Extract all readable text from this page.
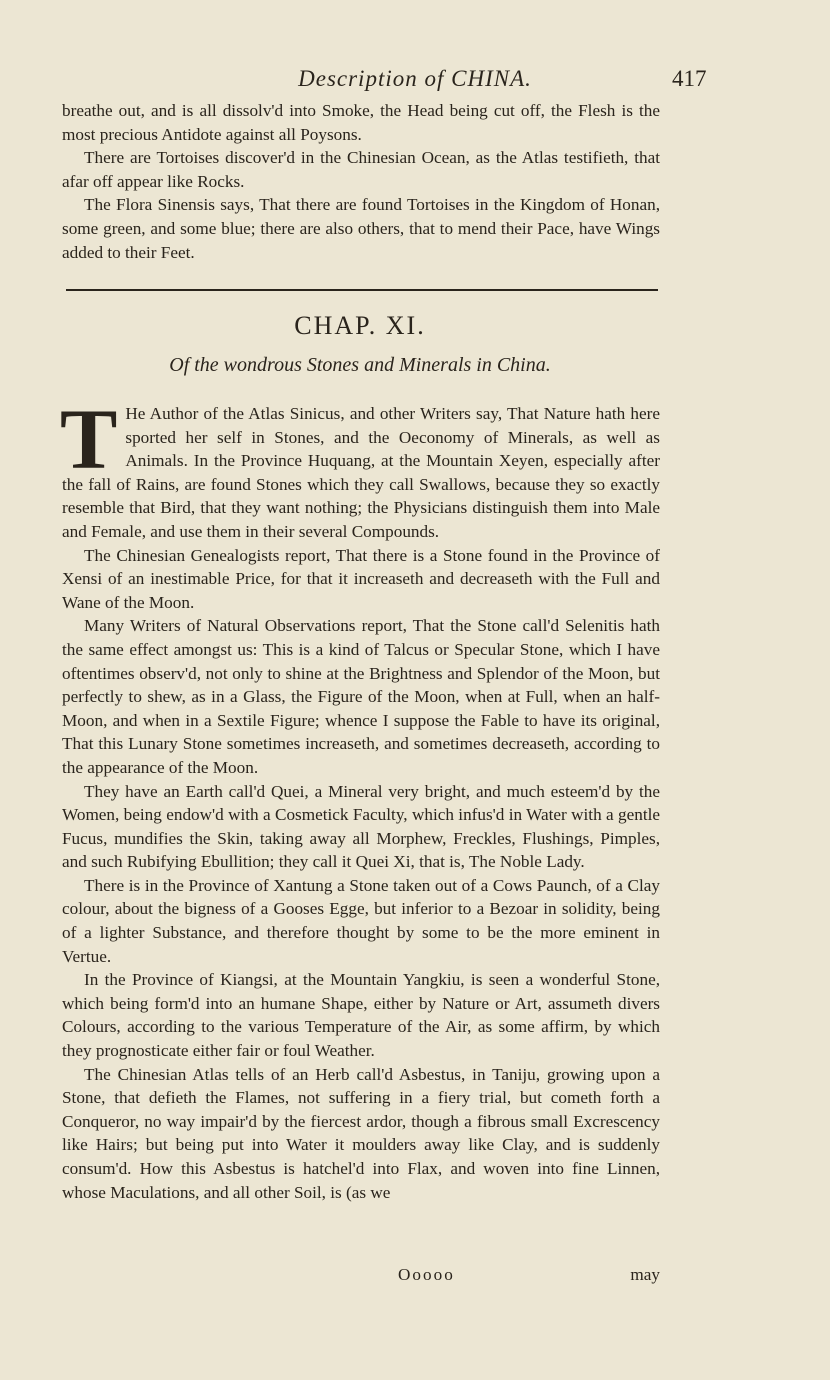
Description of CHINA.	417

breathe out, and is all dissolv'd into Smoke, the Head being cut off, the Flesh is the most precious Antidote against all Poysons.

There are Tortoises discover'd in the Chinesian Ocean, as the Atlas testifieth, that afar off appear like Rocks.

The Flora Sinensis says, That there are found Tortoises in the Kingdom of Honan, some green, and some blue; there are also others, that to mend their Pace, have Wings added to their Feet.

CHAP. XI.
Of the wondrous Stones and Minerals in China.

T He Author of the Atlas Sinicus, and other Writers say, That Nature hath here sported her self in Stones, and the Oeconomy of Minerals, as well as Animals. In the Province Huquang, at the Mountain Xeyen, especially after the fall of Rains, are found Stones which they call Swallows, because they so exactly resemble that Bird, that they want nothing; the Physicians distinguish them into Male and Female, and use them in their several Compounds.

The Chinesian Genealogists report, That there is a Stone found in the Province of Xensi of an inestimable Price, for that it increaseth and decreaseth with the Full and Wane of the Moon.

Many Writers of Natural Observations report, That the Stone call'd Selenitis hath the same effect amongst us: This is a kind of Talcus or Specular Stone, which I have oftentimes observ'd, not only to shine at the Brightness and Splendor of the Moon, but perfectly to shew, as in a Glass, the Figure of the Moon, when at Full, when an half-Moon, and when in a Sextile Figure; whence I suppose the Fable to have its original, That this Lunary Stone sometimes increaseth, and sometimes decreaseth, according to the appearance of the Moon.

They have an Earth call'd Quei, a Mineral very bright, and much esteem'd by the Women, being endow'd with a Cosmetick Faculty, which infus'd in Water with a gentle Fucus, mundifies the Skin, taking away all Morphew, Freckles, Flushings, Pimples, and such Rubifying Ebullition; they call it Quei Xi, that is, The Noble Lady.

There is in the Province of Xantung a Stone taken out of a Cows Paunch, of a Clay colour, about the bigness of a Gooses Egge, but inferior to a Bezoar in solidity, being of a lighter Substance, and therefore thought by some to be the more eminent in Vertue.

In the Province of Kiangsi, at the Mountain Yangkiu, is seen a wonderful Stone, which being form'd into an humane Shape, either by Nature or Art, assumeth divers Colours, according to the various Temperature of the Air, as some affirm, by which they prognosticate either fair or foul Weather.

The Chinesian Atlas tells of an Herb call'd Asbestus, in Taniju, growing upon a Stone, that defieth the Flames, not suffering in a fiery trial, but cometh forth a Conqueror, no way impair'd by the fiercest ardor, though a fibrous small Excrescency like Hairs; but being put into Water it moulders away like Clay, and is suddenly consum'd. How this Asbestus is hatchel'd into Flax, and woven into fine Linnen, whose Maculations, and all other Soil, is (as we

Ooooo	may
